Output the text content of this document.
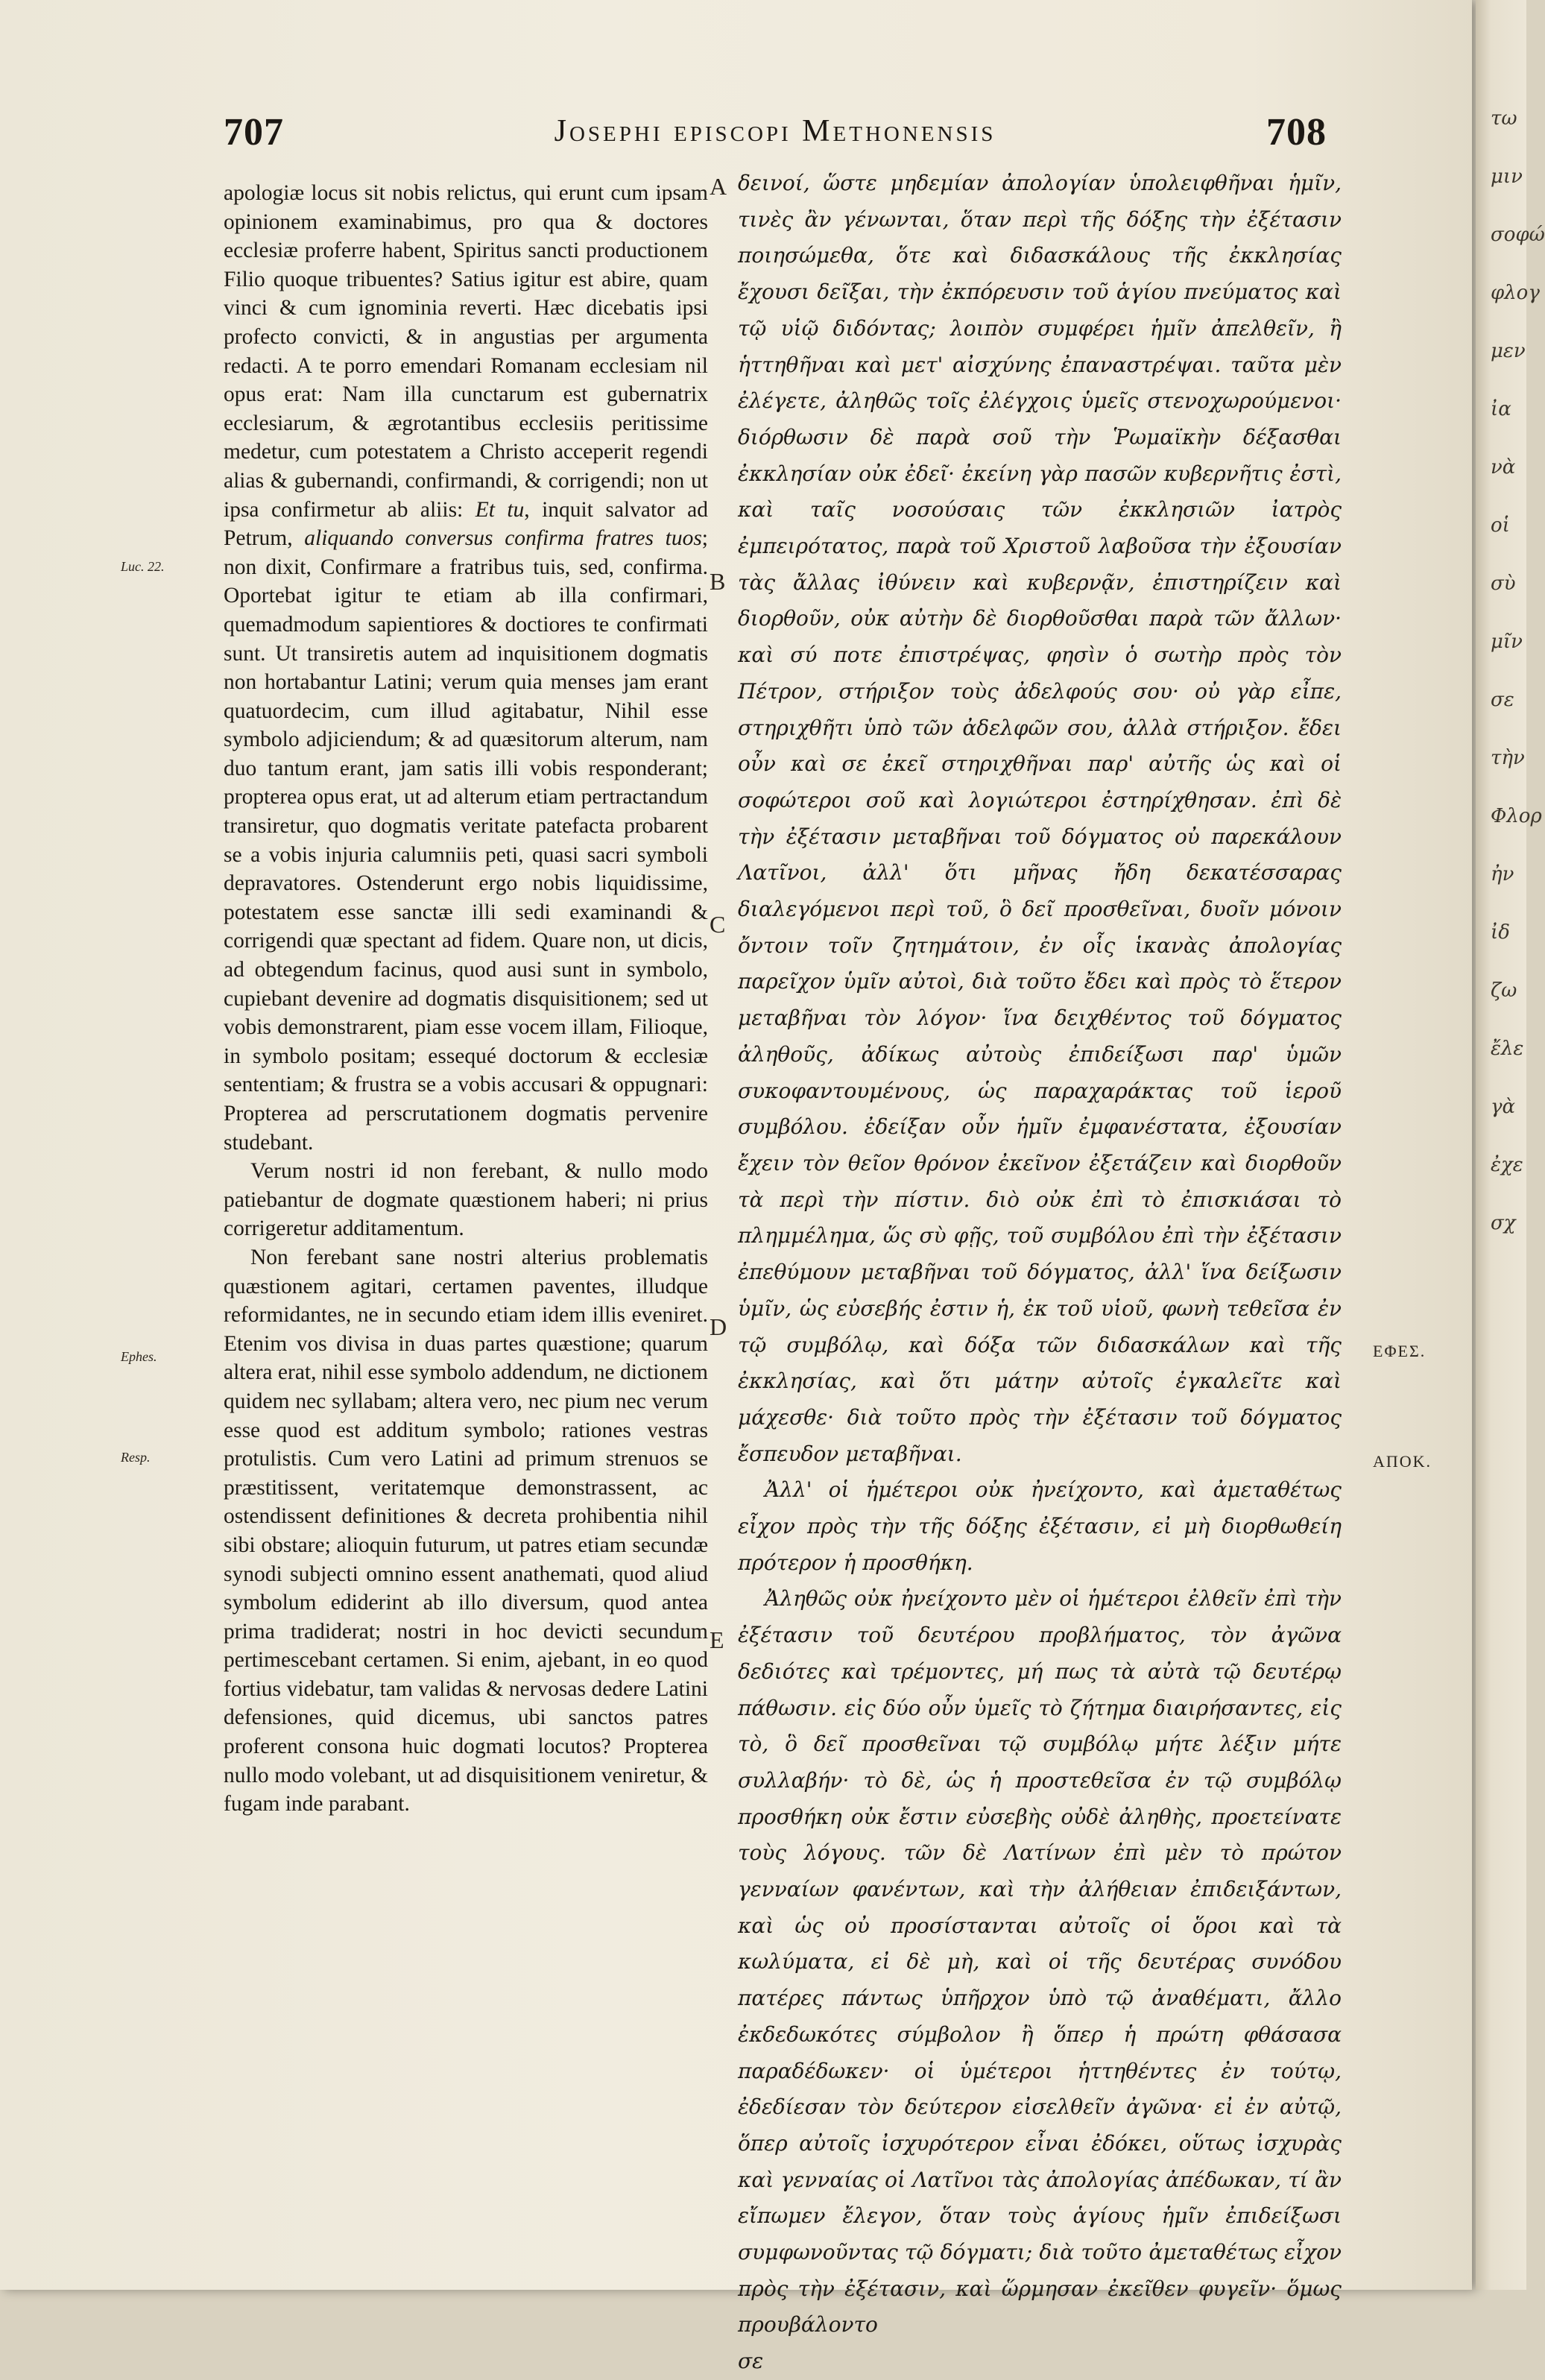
707	Josephi episcopi Methonensis	708
Luc. 22.
Ephes.
Resp.

apologiæ locus sit nobis relictus, qui erunt cum ipsam opinionem examinabimus, pro qua & doctores ecclesiæ proferre habent, Spiritus sancti productionem Filio quoque tribuentes? Satius igitur est abire, quam vinci & cum ignominia reverti. Hæc dicebatis ipsi profecto convicti, & in angustias per argumenta redacti. A te porro emendari Romanam ecclesiam nil opus erat: Nam illa cunctarum est gubernatrix ecclesiarum, & ægrotantibus ecclesiis peritissime medetur, cum potestatem a Christo acceperit regendi alias & gubernandi, confirmandi, & corrigendi; non ut ipsa confirmetur ab aliis: Et tu, inquit salvator ad Petrum, aliquando conversus confirma fratres tuos; non dixit, Confirmare a fratribus tuis, sed, confirma. Oportebat igitur te etiam ab illa confirmari, quemadmodum sapientiores & doctiores te confirmati sunt. Ut transiretis autem ad inquisitionem dogmatis non hortabantur Latini; verum quia menses jam erant quatuordecim, cum illud agitabatur, Nihil esse symbolo adjiciendum; & ad quæsitorum alterum, nam duo tantum erant, jam satis illi vobis responderant; propterea opus erat, ut ad alterum etiam pertractandum transiretur, quo dogmatis veritate patefacta probarent se a vobis injuria calumniis peti, quasi sacri symboli depravatores. Ostenderunt ergo nobis liquidissime, potestatem esse sanctæ illi sedi examinandi & corrigendi quæ spectant ad fidem. Quare non, ut dicis, ad obtegendum facinus, quod ausi sunt in symbolo, cupiebant devenire ad dogmatis disquisitionem; sed ut vobis demonstrarent, piam esse vocem illam, Filioque, in symbolo positam; essequé doctorum & ecclesiæ sententiam; & frustra se a vobis accusari & oppugnari: Propterea ad perscrutationem dogmatis pervenire studebant.

Verum nostri id non ferebant, & nullo modo patiebantur de dogmate quæstionem haberi; ni prius corrigeretur additamentum.

Non ferebant sane nostri alterius problematis quæstionem agitari, certamen paventes, illudque reformidantes, ne in secundo etiam idem illis eveniret. Etenim vos divisa in duas partes quæstione; quarum altera erat, nihil esse symbolo addendum, ne dictionem quidem nec syllabam; altera vero, nec pium nec verum esse quod est additum symbolo; rationes vestras protulistis. Cum vero Latini ad primum strenuos se præstitissent, veritatemque demonstrassent, ac ostendissent definitiones & decreta prohibentia nihil sibi obstare; alioquin futurum, ut patres etiam secundæ synodi subjecti omnino essent anathemati, quod aliud symbolum ediderint ab illo diversum, quod antea prima tradiderat; nostri in hoc devicti secundum pertimescebant certamen. Si enim, ajebant, in eo quod fortius videbatur, tam validas & nervosas dedere Latini defensiones, quid dicemus, ubi sanctos patres proferent consona huic dogmati locutos? Propterea nullo modo volebant, ut ad disquisitionem veniretur, & fugam inde parabant.

A
B
C
D
E

δεινοί, ὥστε μηδεμίαν ἀπολογίαν ὑπολειφθῆναι ἡμῖν, τινὲς ἂν γένωνται, ὅταν περὶ τῆς δόξης τὴν ἐξέτασιν ποιησώμεθα, ὅτε καὶ διδασκάλους τῆς ἐκκλησίας ἔχουσι δεῖξαι, τὴν ἐκπόρευσιν τοῦ ἁγίου πνεύματος καὶ τῷ υἱῷ διδόντας; λοιπὸν συμφέρει ἡμῖν ἀπελθεῖν, ἢ ἡττηθῆναι καὶ μετ' αἰσχύνης ἐπαναστρέψαι. ταῦτα μὲν ἐλέγετε, ἀληθῶς τοῖς ἐλέγχοις ὑμεῖς στενοχωρούμενοι· διόρθωσιν δὲ παρὰ σοῦ τὴν Ῥωμαϊκὴν δέξασθαι ἐκκλησίαν οὐκ ἐδεῖ· ἐκείνη γὰρ πασῶν κυβερνῆτις ἐστὶ, καὶ ταῖς νοσούσαις τῶν ἐκκλησιῶν ἰατρὸς ἐμπειρότατος, παρὰ τοῦ Χριστοῦ λαβοῦσα τὴν ἐξουσίαν τὰς ἄλλας ἰθύνειν καὶ κυβερνᾷν, ἐπιστηρίζειν καὶ διορθοῦν, οὐκ αὐτὴν δὲ διορθοῦσθαι παρὰ τῶν ἄλλων· καὶ σύ ποτε ἐπιστρέψας, φησὶν ὁ σωτὴρ πρὸς τὸν Πέτρον, στήριξον τοὺς ἀδελφούς σου· οὐ γὰρ εἶπε, στηριχθῆτι ὑπὸ τῶν ἀδελφῶν σου, ἀλλὰ στήριξον. ἔδει οὖν καὶ σε ἐκεῖ στηριχθῆναι παρ' αὐτῆς ὡς καὶ οἱ σοφώτεροι σοῦ καὶ λογιώτεροι ἐστηρίχθησαν. ἐπὶ δὲ τὴν ἐξέτασιν μεταβῆναι τοῦ δόγματος οὐ παρεκάλουν Λατῖνοι, ἀλλ' ὅτι μῆνας ἤδη δεκατέσσαρας διαλεγόμενοι περὶ τοῦ, ὃ δεῖ προσθεῖναι, δυοῖν μόνοιν ὄντοιν τοῖν ζητημάτοιν, ἐν οἷς ἱκανὰς ἀπολογίας παρεῖχον ὑμῖν αὐτοὶ, διὰ τοῦτο ἔδει καὶ πρὸς τὸ ἕτερον μεταβῆναι τὸν λόγον· ἵνα δειχθέντος τοῦ δόγματος ἀληθοῦς, ἀδίκως αὐτοὺς ἐπιδείξωσι παρ' ὑμῶν συκοφαντουμένους, ὡς παραχαράκτας τοῦ ἱεροῦ συμβόλου. ἐδείξαν οὖν ἡμῖν ἐμφανέστατα, ἐξουσίαν ἔχειν τὸν θεῖον θρόνον ἐκεῖνον ἐξετάζειν καὶ διορθοῦν τὰ περὶ τὴν πίστιν. διὸ οὐκ ἐπὶ τὸ ἐπισκιάσαι τὸ πλημμέλημα, ὥς σὺ φῇς, τοῦ συμβόλου ἐπὶ τὴν ἐξέτασιν ἐπεθύμουν μεταβῆναι τοῦ δόγματος, ἀλλ' ἵνα δείξωσιν ὑμῖν, ὡς εὐσεβής ἐστιν ἡ, ἐκ τοῦ υἱοῦ, φωνὴ τεθεῖσα ἐν τῷ συμβόλῳ, καὶ δόξα τῶν διδασκάλων καὶ τῆς ἐκκλησίας, καὶ ὅτι μάτην αὐτοῖς ἐγκαλεῖτε καὶ μάχεσθε· διὰ τοῦτο πρὸς τὴν ἐξέτασιν τοῦ δόγματος ἔσπευδον μεταβῆναι.

Ἀλλ' οἱ ἡμέτεροι οὐκ ἠνείχοντο, καὶ ἀμεταθέτως εἶχον πρὸς τὴν τῆς δόξης ἐξέτασιν, εἰ μὴ διορθωθείη πρότερον ἡ προσθήκη.

Ἀληθῶς οὐκ ἠνείχοντο μὲν οἱ ἡμέτεροι ἐλθεῖν ἐπὶ τὴν ἐξέτασιν τοῦ δευτέρου προβλήματος, τὸν ἀγῶνα δεδιότες καὶ τρέμοντες, μή πως τὰ αὐτὰ τῷ δευτέρῳ πάθωσιν. εἰς δύο οὖν ὑμεῖς τὸ ζήτημα διαιρήσαντες, εἰς τὸ, ὃ δεῖ προσθεῖναι τῷ συμβόλῳ μήτε λέξιν μήτε συλλαβήν· τὸ δὲ, ὡς ἡ προστεθεῖσα ἐν τῷ συμβόλῳ προσθήκη οὐκ ἔστιν εὐσεβὴς οὐδὲ ἀληθὴς, προετείνατε τοὺς λόγους. τῶν δὲ Λατίνων ἐπὶ μὲν τὸ πρώτον γενναίων φανέντων, καὶ τὴν ἀλήθειαν ἐπιδειξάντων, καὶ ὡς οὐ προσίστανται αὐτοῖς οἱ ὅροι καὶ τὰ κωλύματα, εἰ δὲ μὴ, καὶ οἱ τῆς δευτέρας συνόδου πατέρες πάντως ὑπῆρχον ὑπὸ τῷ ἀναθέματι, ἄλλο ἐκδεδωκότες σύμβολον ἢ ὅπερ ἡ πρώτη φθάσασα παραδέδωκεν· οἱ ὑμέτεροι ἡττηθέντες ἐν τούτῳ, ἐδεδίεσαν τὸν δεύτερον εἰσελθεῖν ἀγῶνα· εἰ ἐν αὐτῷ, ὅπερ αὐτοῖς ἰσχυρότερον εἶναι ἐδόκει, οὕτως ἰσχυρὰς καὶ γενναίας οἱ Λατῖνοι τὰς ἀπολογίας ἀπέδωκαν, τί ἂν εἴπωμεν ἔλεγον, ὅταν τοὺς ἁγίους ἡμῖν ἐπιδείξωσι συμφωνοῦντας τῷ δόγματι; διὰ τοῦτο ἀμεταθέτως εἶχον πρὸς τὴν ἐξέτασιν, καὶ ὥρμησαν ἐκεῖθεν φυγεῖν· ὅμως προυβάλοντο

σε

ΕΦΕΣ.
ΑΠΟΚ.
τω
μιν
σοφώ
φλογ
μεν
ἰα
νὰ
οἱ
σὺ
μῖν
σε
τὴν
Φλορ
ἠν
ἰδ
ζω
ἔλε
γὰ
ἐχε
σχ
